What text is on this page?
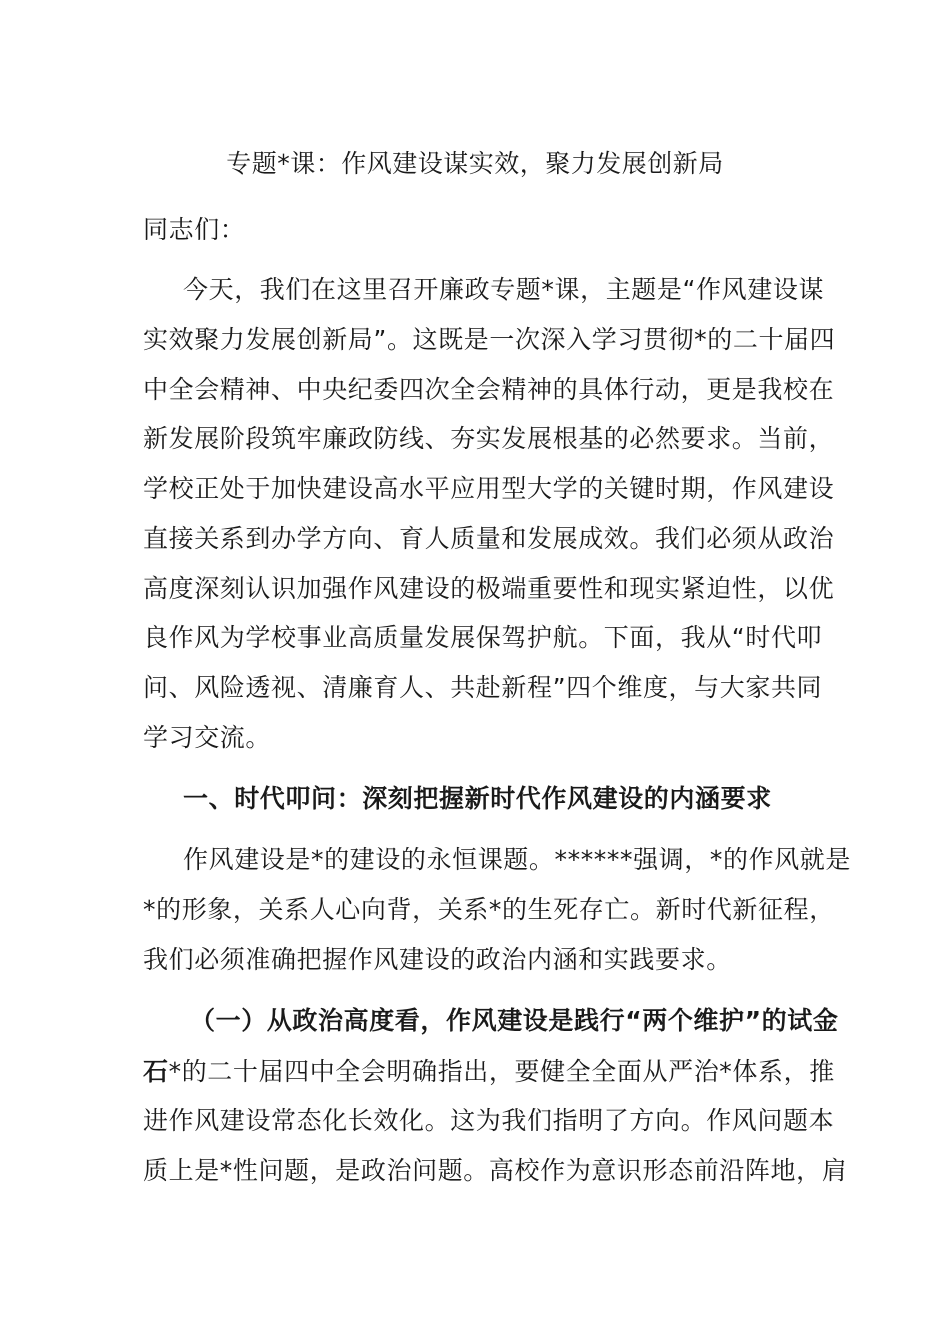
专题*课：作风建设谋实效，聚力发展创新局
同志们：
今天，我们在这里召开廉政专题*课，主题是“作风建设谋
实效聚力发展创新局”。这既是一次深入学习贯彻*的二十届四
中全会精神、中央纪委四次全会精神的具体行动，更是我校在
新发展阶段筑牢廉政防线、夯实发展根基的必然要求。当前，
学校正处于加快建设高水平应用型大学的关键时期，作风建设
直接关系到办学方向、育人质量和发展成效。我们必须从政治
高度深刻认识加强作风建设的极端重要性和现实紧迫性，以优
良作风为学校事业高质量发展保驾护航。下面，我从“时代叩
问、风险透视、清廉育人、共赴新程”四个维度，与大家共同
学习交流。
一、时代叩问：深刻把握新时代作风建设的内涵要求
作风建设是*的建设的永恒课题。******强调，*的作风就是
*的形象，关系人心向背，关系*的生死存亡。新时代新征程，
我们必须准确把握作风建设的政治内涵和实践要求。
（一）从政治高度看，作风建设是践行“两个维护”的试金
石*的二十届四中全会明确指出，要健全全面从严治*体系，推
进作风建设常态化长效化。这为我们指明了方向。作风问题本
质上是*性问题，是政治问题。高校作为意识形态前沿阵地，肩
